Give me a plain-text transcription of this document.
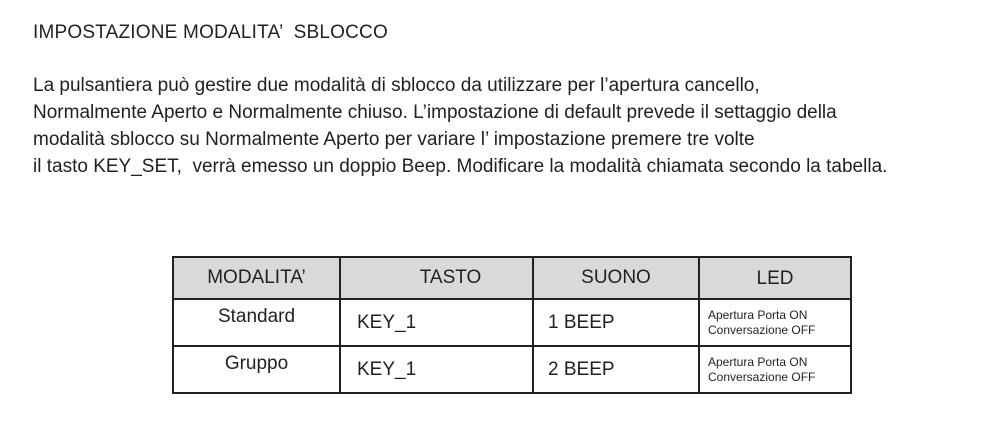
IMPOSTAZIONE MODALITA’  SBLOCCO
La pulsantiera può gestire due modalità di sblocco da utilizzare per l’apertura cancello,
Normalmente Aperto e Normalmente chiuso. L’impostazione di default prevede il settaggio della
modalità sblocco su Normalmente Aperto per variare l’ impostazione premere tre volte
il tasto KEY_SET,  verrà emesso un doppio Beep. Modificare la modalità chiamata secondo la tabella.
MODALITA’	TASTO	SUONO	LED
Standard	KEY_1	1 BEEP	Apertura Porta ON
Conversazione OFF

Gruppo	KEY_1	2 BEEP	Apertura Porta ON
Conversazione OFF
